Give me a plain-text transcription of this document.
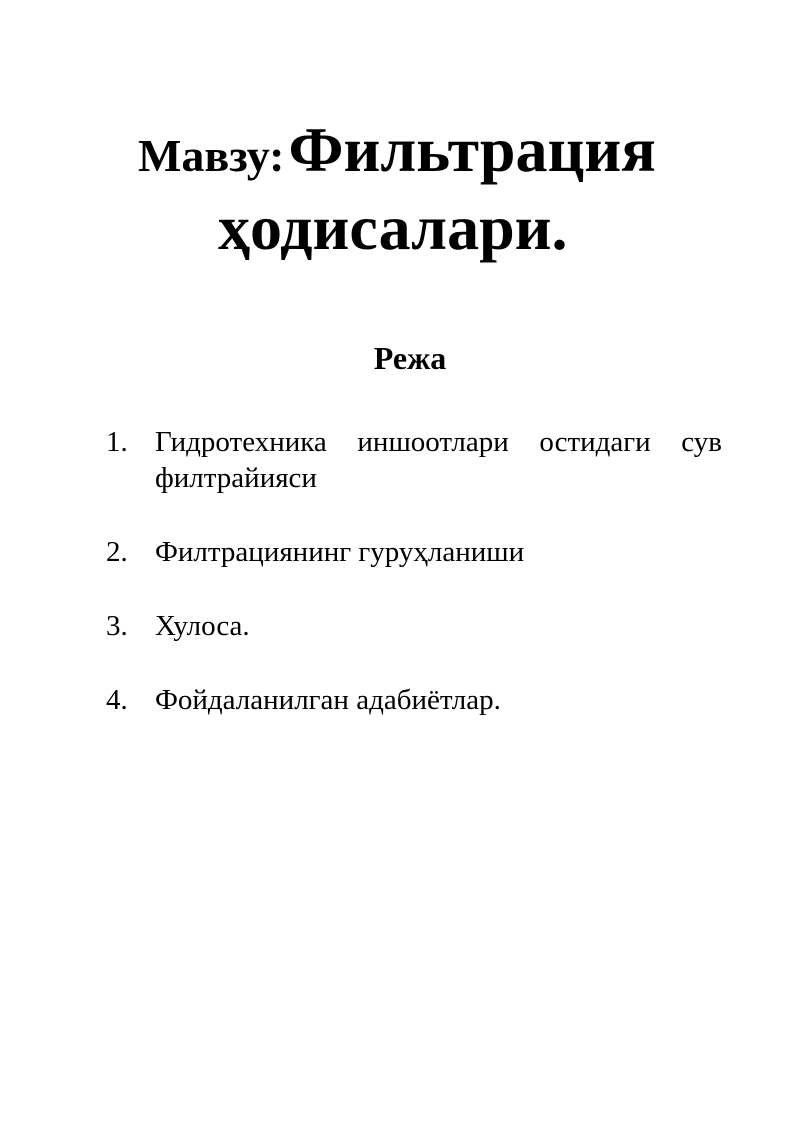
Мавзу: Фильтрация
ҳодисалари.
Режа
1. Гидротехника иншоотлари остидаги сув филтрайияси
2. Филтрациянинг гуруҳланиши
3. Хулоса.
4. Фойдаланилган адабиётлар.
